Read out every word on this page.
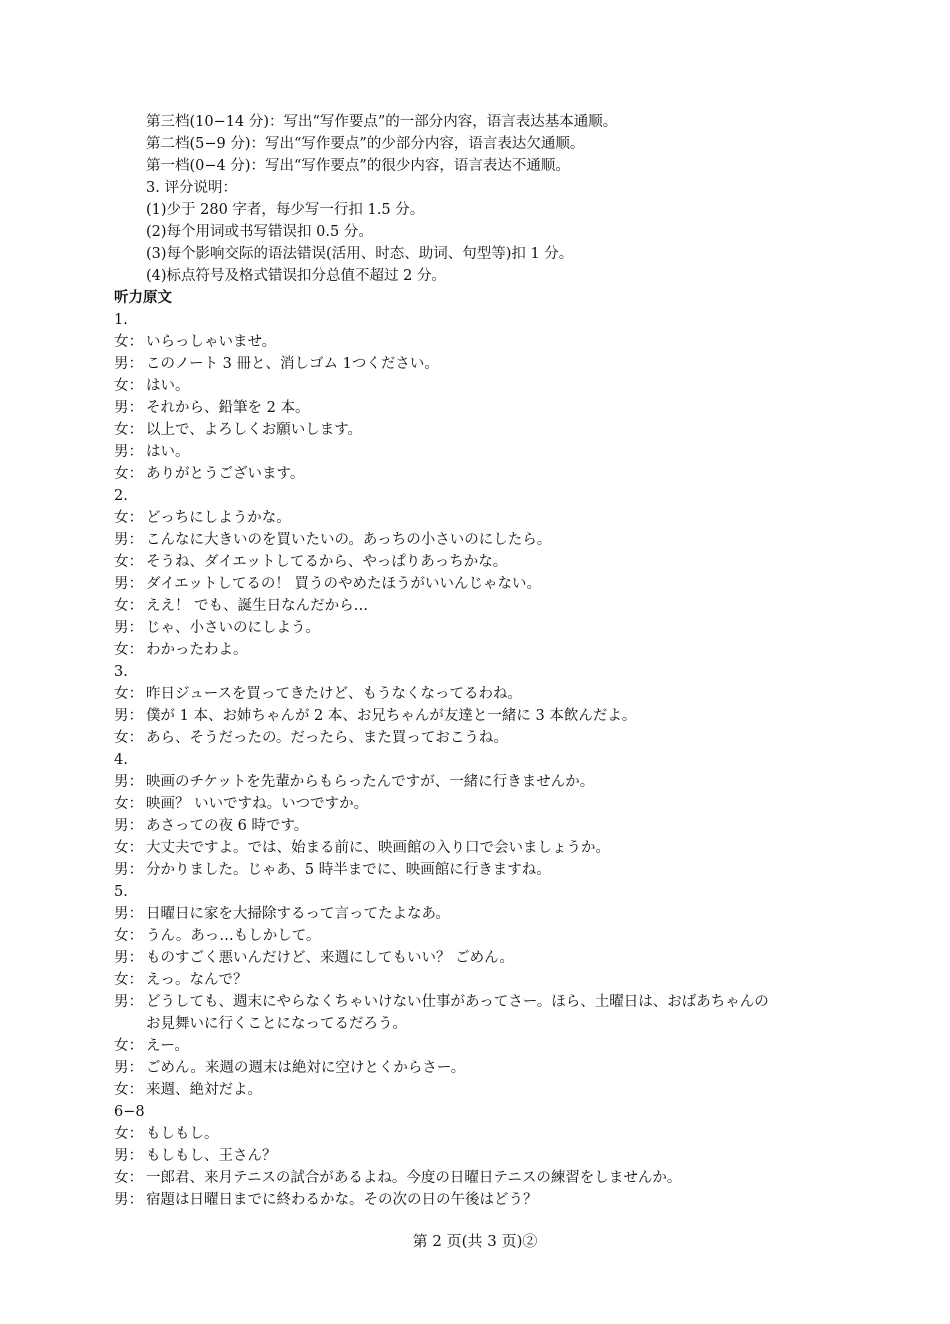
第三档(10−14 分)：写出“写作要点”的一部分内容，语言表达基本通顺。
第二档(5−9 分)：写出“写作要点”的少部分内容，语言表达欠通顺。
第一档(0−4 分)：写出“写作要点”的很少内容，语言表达不通顺。
3. 评分说明：
(1)少于 280 字者，每少写一行扣 1.5 分。
(2)每个用词或书写错误扣 0.5 分。
(3)每个影响交际的语法错误(活用、时态、助词、句型等)扣 1 分。
(4)标点符号及格式错误扣分总值不超过 2 分。
听力原文
1.
女： いらっしゃいませ。
男： このノート 3 冊と、消しゴム 1つください。
女： はい。
男： それから、鉛筆を 2 本。
女： 以上で、よろしくお願いします。
男： はい。
女： ありがとうございます。
2.
女： どっちにしようかな。
男： こんなに大きいのを買いたいの。あっちの小さいのにしたら。
女： そうね、ダイエットしてるから、やっぱりあっちかな。
男： ダイエットしてるの！ 買うのやめたほうがいいんじゃない。
女： ええ！ でも、誕生日なんだから…
男： じゃ、小さいのにしよう。
女： わかったわよ。
3.
女： 昨日ジュースを買ってきたけど、もうなくなってるわね。
男： 僕が 1 本、お姉ちゃんが 2 本、お兄ちゃんが友達と一緒に 3 本飲んだよ。
女： あら、そうだったの。だったら、また買っておこうね。
4.
男： 映画のチケットを先輩からもらったんですが、一緒に行きませんか。
女： 映画？ いいですね。いつですか。
男： あさっての夜 6 時です。
女： 大丈夫ですよ。では、始まる前に、映画館の入り口で会いましょうか。
男： 分かりました。じゃあ、5 時半までに、映画館に行きますね。
5.
男： 日曜日に家を大掃除するって言ってたよなあ。
女： うん。あっ…もしかして。
男： ものすごく悪いんだけど、来週にしてもいい？ ごめん。
女： えっ。なんで？
男： どうしても、週末にやらなくちゃいけない仕事があってさー。ほら、土曜日は、おばあちゃんの
お見舞いに行くことになってるだろう。
女： えー。
男： ごめん。来週の週末は絶対に空けとくからさー。
女： 来週、絶対だよ。
6−8
女： もしもし。
男： もしもし、王さん？
女： 一郎君、来月テニスの試合があるよね。今度の日曜日テニスの練習をしませんか。
男： 宿題は日曜日までに終わるかな。その次の日の午後はどう？
第 2 页(共 3 页)②
